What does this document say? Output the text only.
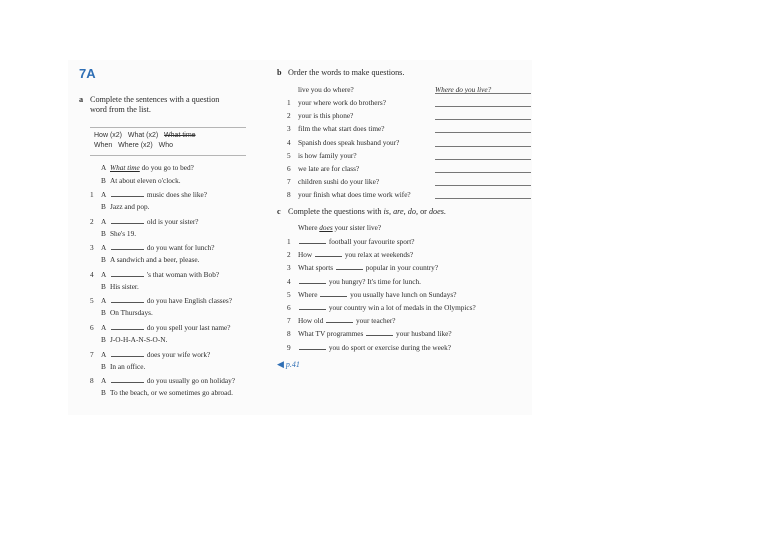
7A
a Complete the sentences with a question
word from the list.
How (x2) What (x2) What time
When Where (x2) Who
A What time do you go to bed?
B At about eleven o'clock.
1 A	music does she like?
B Jazz and pop.
2 A	old is your sister?
B She's 19.
3 A	do you want for lunch?
B A sandwich and a beer, please.
4 A	's that woman with Bob?
B His sister.
5 A	do you have English classes?
B On Thursdays.
6 A	do you spell your last name?
B J-O-H-A-N-S-O-N.
7 A	does your wife work?
B In an office.
8 A	do you usually go on holiday?
B To the beach, or we sometimes go abroad.
b Order the words to make questions.
live you do where?	Where do you live?
1 your where work do brothers?
2 your is this phone?
3 film the what start does time?
4 Spanish does speak husband your?
5 is how family your?
6 we late are for class?
7 children sushi do your like?
8 your finish what does time work wife?
c Complete the questions with is, are, do, or does.
Where does your sister live?
1	football your favourite sport?
2 How	you relax at weekends?
3 What sports	popular in your country?
4	you hungry? It's time for lunch.
5 Where	you usually have lunch on Sundays?
6	your country win a lot of medals in the Olympics?
7 How old	your teacher?
8 What TV programmes	your husband like?
9	you do sport or exercise during the week?
◀ p.41
